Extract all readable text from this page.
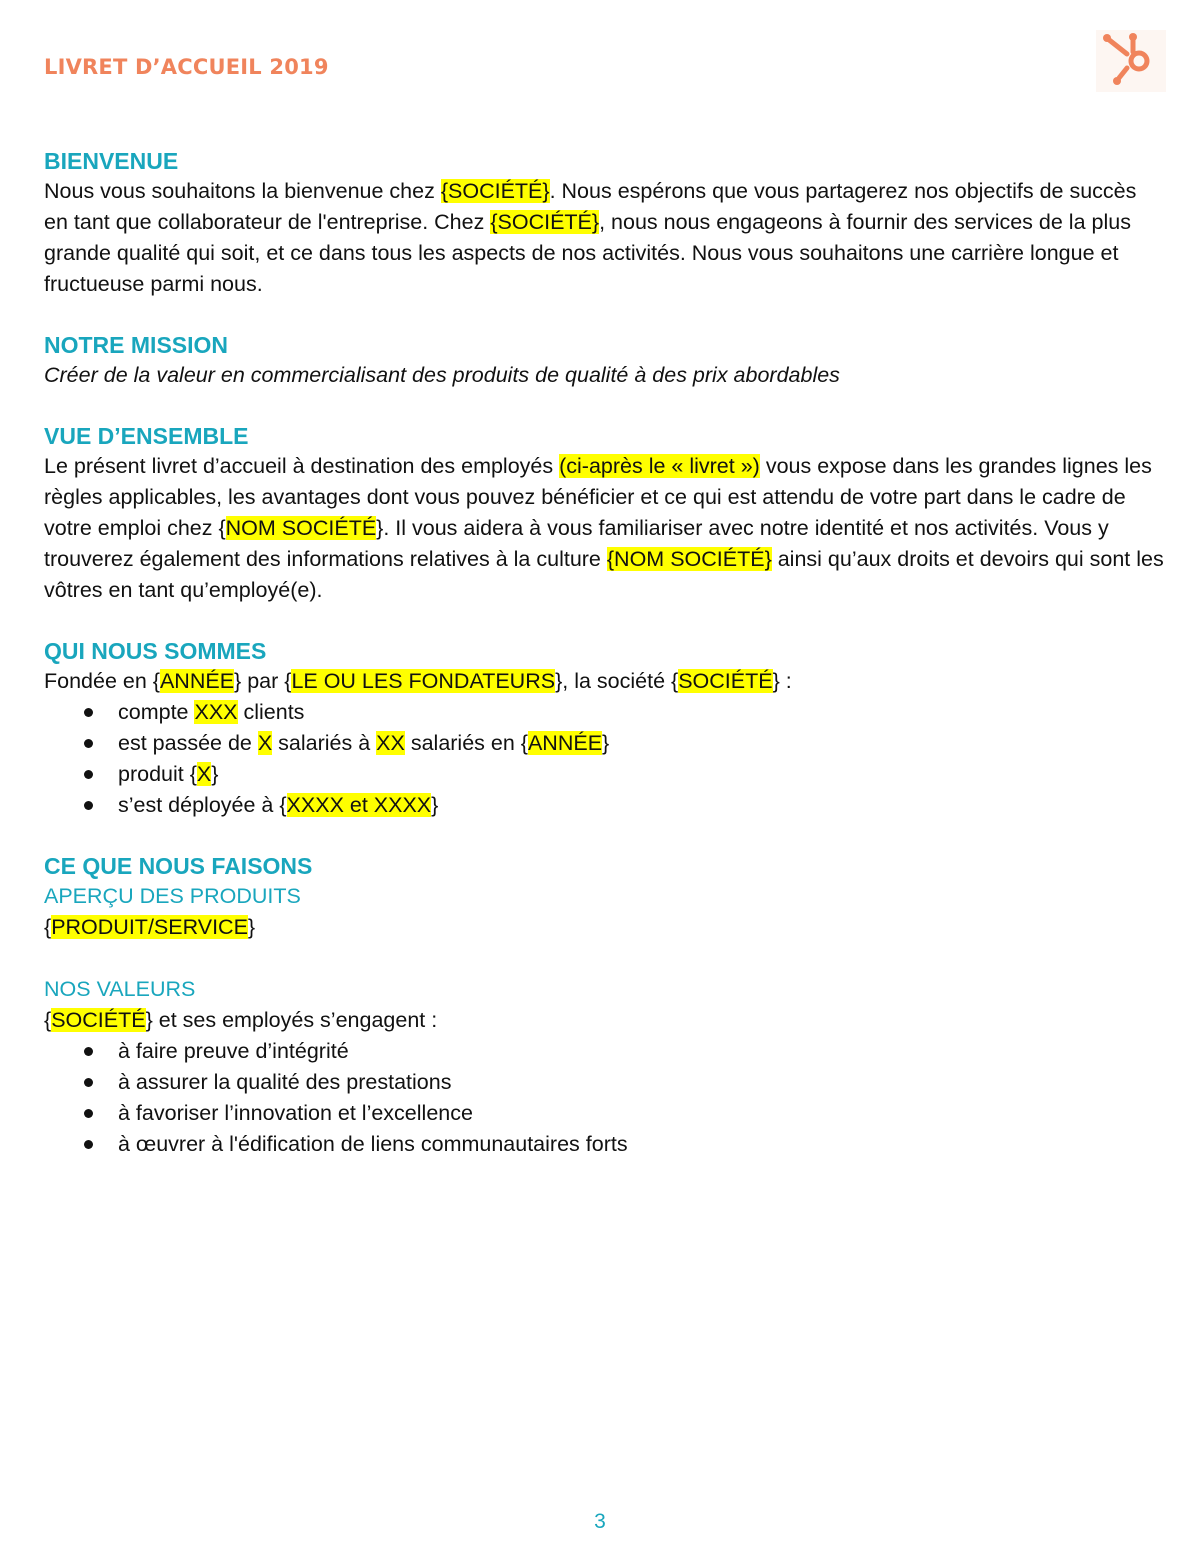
LIVRET D’ACCUEIL 2019
BIENVENUE

Nous vous souhaitons la bienvenue chez {SOCIÉTÉ}. Nous espérons que vous partagerez nos objectifs de succès en tant que collaborateur de l'entreprise. Chez {SOCIÉTÉ}, nous nous engageons à fournir des services de la plus grande qualité qui soit, et ce dans tous les aspects de nos activités. Nous vous souhaitons une carrière longue et fructueuse parmi nous.

NOTRE MISSION

Créer de la valeur en commercialisant des produits de qualité à des prix abordables

VUE D’ENSEMBLE

Le présent livret d’accueil à destination des employés (ci-après le « livret ») vous expose dans les grandes lignes les règles applicables, les avantages dont vous pouvez bénéficier et ce qui est attendu de votre part dans le cadre de votre emploi chez {NOM SOCIÉTÉ}. Il vous aidera à vous familiariser avec notre identité et nos activités. Vous y trouverez également des informations relatives à la culture {NOM SOCIÉTÉ} ainsi qu’aux droits et devoirs qui sont les vôtres en tant qu’employé(e).

QUI NOUS SOMMES

Fondée en {ANNÉE} par {LE OU LES FONDATEURS}, la société {SOCIÉTÉ} :

compte XXX clients
est passée de X salariés à XX salariés en {ANNÉE}
produit {X}
s’est déployée à {XXXX et XXXX}
CE QUE NOUS FAISONS
APERÇU DES PRODUITS

{PRODUIT/SERVICE}

NOS VALEURS

{SOCIÉTÉ} et ses employés s’engagent :

à faire preuve d’intégrité
à assurer la qualité des prestations
à favoriser l’innovation et l’excellence
à œuvrer à l'édification de liens communautaires forts
3
